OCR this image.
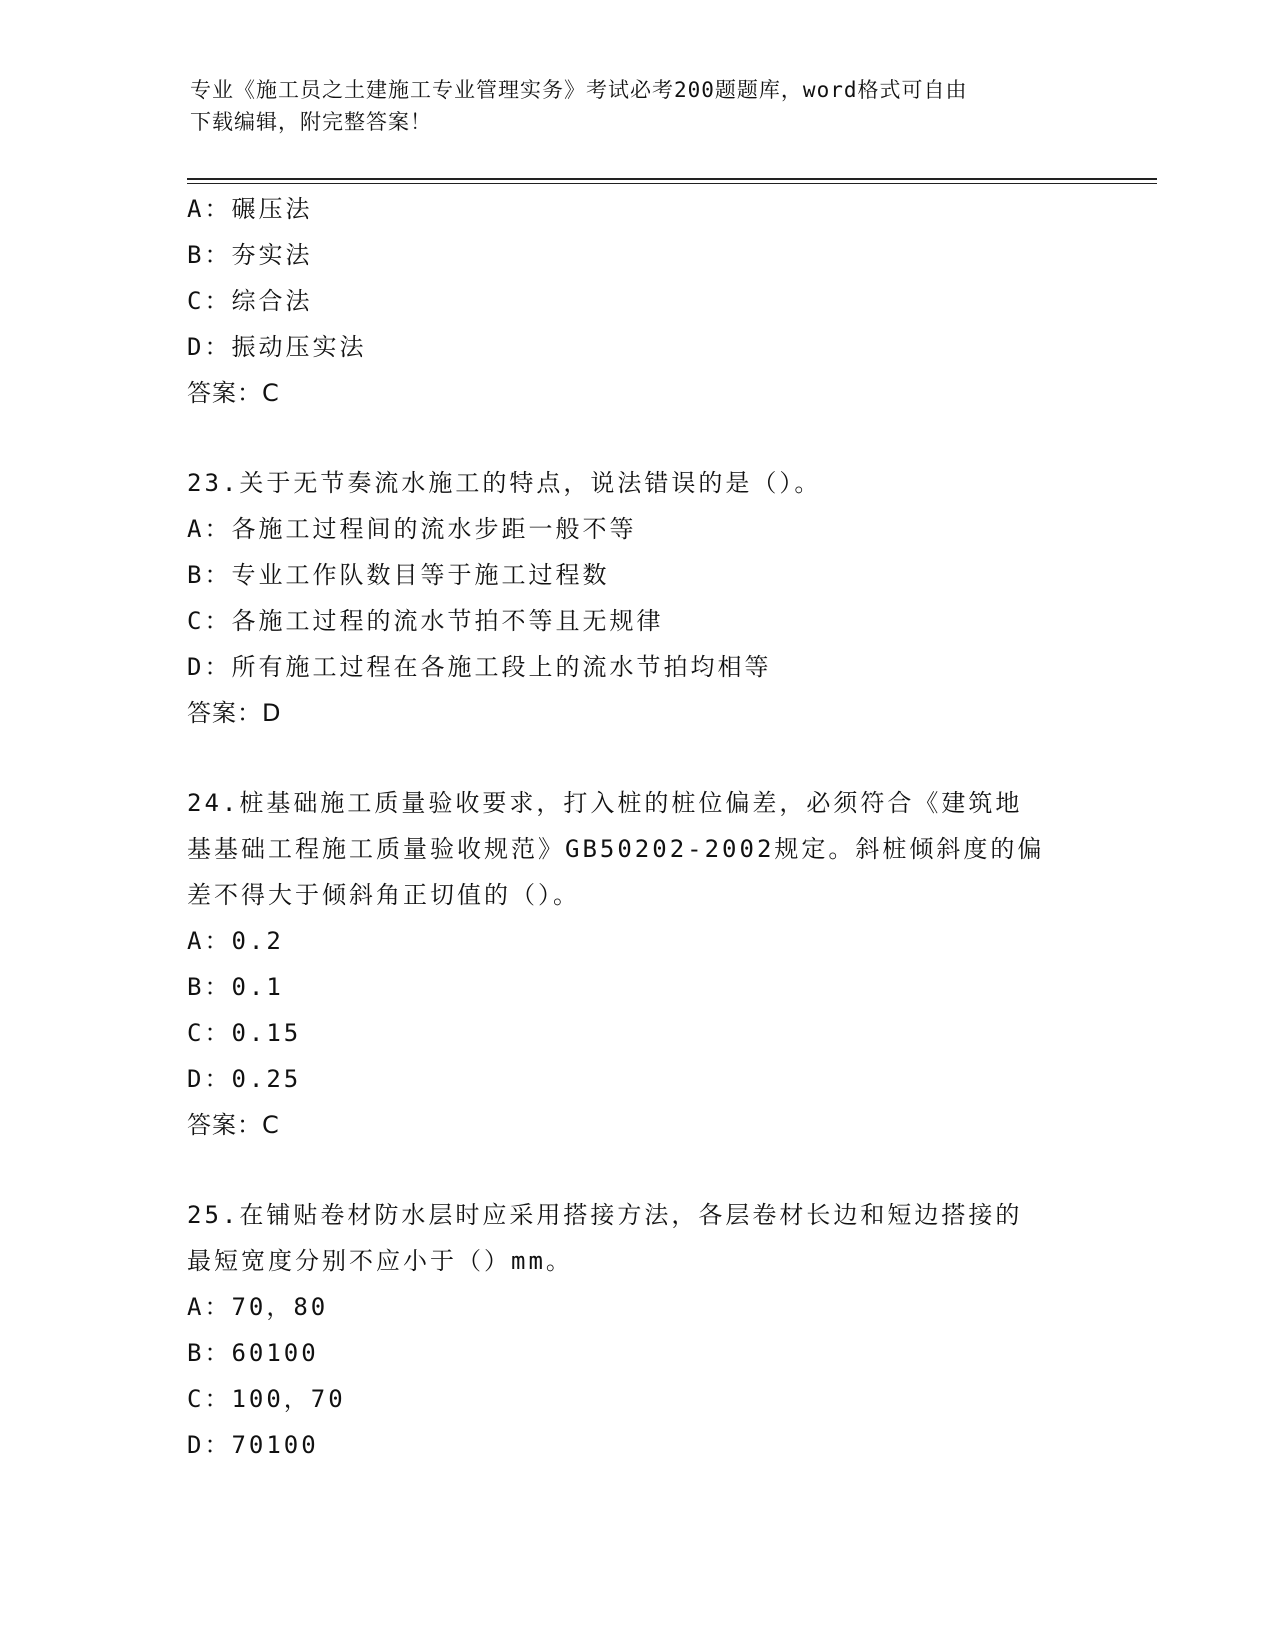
专业《施工员之土建施工专业管理实务》考试必考200题题库，word格式可自由
下载编辑，附完整答案！
A：碾压法
B：夯实法
C：综合法
D：振动压实法
答案：C
23.关于无节奏流水施工的特点，说法错误的是（）。
A：各施工过程间的流水步距一般不等
B：专业工作队数目等于施工过程数
C：各施工过程的流水节拍不等且无规律
D：所有施工过程在各施工段上的流水节拍均相等
答案：D
24.桩基础施工质量验收要求，打入桩的桩位偏差，必须符合《建筑地
基基础工程施工质量验收规范》GB50202-2002规定。斜桩倾斜度的偏
差不得大于倾斜角正切值的（）。
A：0.2
B：0.1
C：0.15
D：0.25
答案：C
25.在铺贴卷材防水层时应采用搭接方法，各层卷材长边和短边搭接的
最短宽度分别不应小于（）mm。
A：70，80
B：60100
C：100，70
D：70100
